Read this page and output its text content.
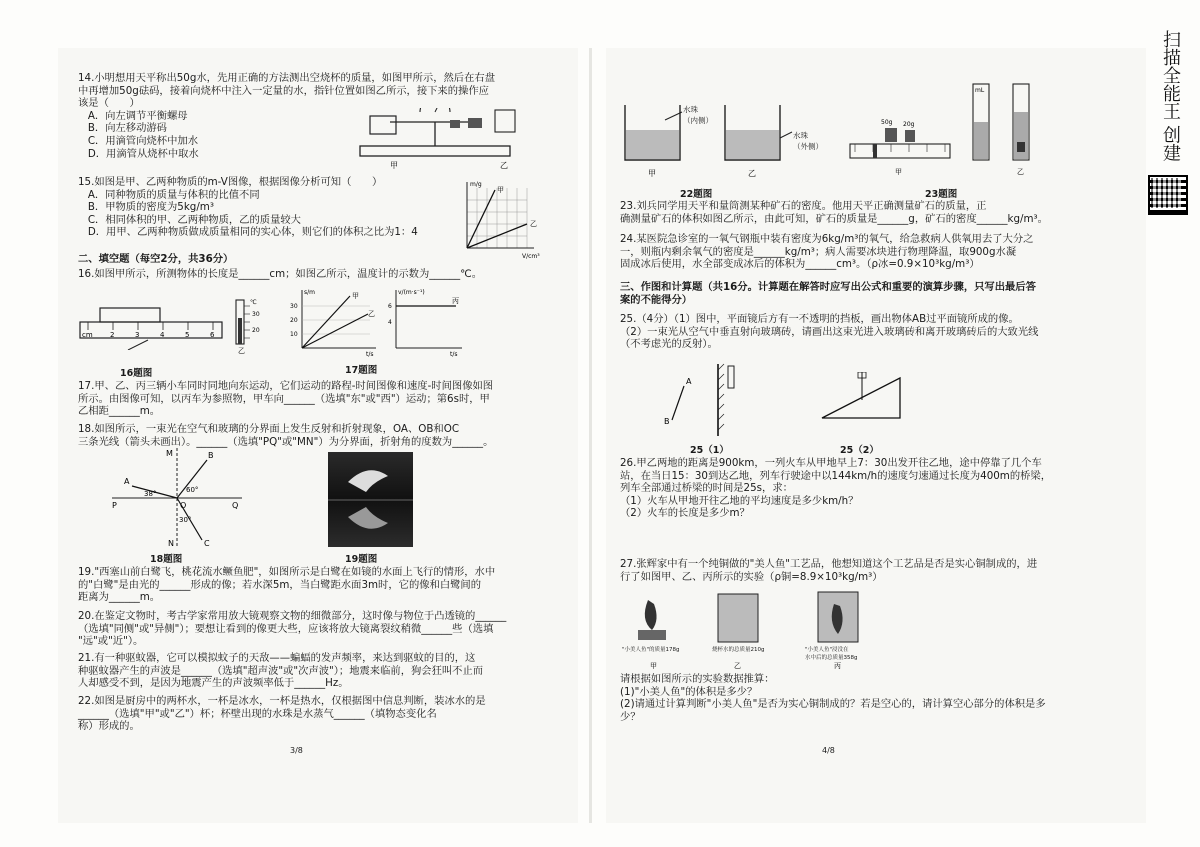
14.小明想用天平称出50g水，先用正确的方法测出空烧杯的质量，如图甲所示，然后在右盘
中再增加50g砝码，接着向烧杯中注入一定量的水，指针位置如图乙所示，接下来的操作应
该是（　　）
A．向左调节平衡螺母
B．向左移动游码
C．用滴管向烧杯中加水
D．用滴管从烧杯中取水
甲	乙
15.如图是甲、乙两种物质的m-V图像，根据图像分析可知（　　）
A．同种物质的质量与体积的比值不同
B．甲物质的密度为5kg/m³
C．相同体积的甲、乙两种物质，乙的质量较大
D．用甲、乙两种物质做成质量相同的实心体，则它们的体积之比为1：4
m/g
V/cm³
甲
乙
二、填空题（每空2分，共36分）
16.如图甲所示，所测物体的长度是______cm；如图乙所示，温度计的示数为______℃。
cm 2	3	4	5	6
℃
30
20
乙
s/m
30
20
10
甲
乙
t/s
v/(m·s⁻¹)
6
4
丙
t/s
16题图	17题图
17.甲、乙、丙三辆小车同时同地向东运动，它们运动的路程-时间图像和速度-时间图像如图
所示。由图像可知，以丙车为参照物，甲车向______（选填"东"或"西"）运动；第6s时，甲
乙相距______m。
18.如图所示，一束光在空气和玻璃的分界面上发生反射和折射现象，OA、OB和OC
三条光线（箭头未画出）。______（选填"PQ"或"MN"）为分界面，折射角的度数为______。
M
A
B
P	Q
O
C
N
38°	60°
30°
18题图	19题图
19."西塞山前白鹭飞，桃花流水鳜鱼肥"，如图所示是白鹭在如镜的水面上飞行的情形，水中
的"白鹭"是由光的______形成的像；若水深5m，当白鹭距水面3m时，它的像和白鹭间的
距离为______m。
20.在鉴定文物时，考古学家常用放大镜观察文物的细微部分，这时像与物位于凸透镜的______
（选填"同侧"或"异侧"）；要想让看到的像更大些，应该将放大镜离裂纹稍微______些（选填
"远"或"近"）。
21.有一种驱蚊器，它可以模拟蚊子的天敌——蝙蝠的发声频率，来达到驱蚊的目的，这
种驱蚊器产生的声波是______（选填"超声波"或"次声波"）；地震来临前，狗会狂叫不止而
人却感受不到，是因为地震产生的声波频率低于______Hz。
22.如图是厨房中的两杯水，一杯是冰水，一杯是热水，仅根据图中信息判断，装冰水的是
______（选填"甲"或"乙"）杯；杯壁出现的水珠是水蒸气______（填物态变化名
称）形成的。
3/8
甲	乙
水珠
（内侧）
水珠
（外侧）
50g 20g
mL
甲	乙
22题图	23题图
23.刘兵同学用天平和量筒测某种矿石的密度。他用天平正确测量矿石的质量，正
确测量矿石的体积如图乙所示，由此可知，矿石的质量是______g，矿石的密度______kg/m³。
24.某医院急诊室的一氧气钢瓶中装有密度为6kg/m³的氧气，给急救病人供氧用去了大分之
一，则瓶内剩余氧气的密度是______kg/m³；病人需要冰块进行物理降温，取900g水凝
固成冰后使用，水全部变成冰后的体积为______cm³。（ρ冰=0.9×10³kg/m³）
三、作图和计算题（共16分。计算题在解答时应写出公式和重要的演算步骤，只写出最后答
案的不能得分）
25.（4分）（1）图中，平面镜后方有一不透明的挡板，画出物体AB过平面镜所成的像。
（2）一束光从空气中垂直射向玻璃砖，请画出这束光进入玻璃砖和离开玻璃砖后的大致光线
（不考虑光的反射）。
A
B
25（1）	25（2）
26.甲乙两地的距离是900km，一列火车从甲地早上7：30出发开往乙地，途中停靠了几个车
站，在当日15：30到达乙地，列车行驶途中以144km/h的速度匀速通过长度为400m的桥梁，
列车全部通过桥梁的时间是25s，求：
（1）火车从甲地开往乙地的平均速度是多少km/h？
（2）火车的长度是多少m？
27.张辉家中有一个纯铜做的"美人鱼"工艺品，他想知道这个工艺品是否是实心铜制成的，进
行了如图甲、乙、丙所示的实验（ρ铜=8.9×10³kg/m³）
甲	乙	丙
"小美人鱼"的质量178g	烧杯水的总质量210g	"小美人鱼"浸没在
水中后的总质量358g
请根据如图所示的实验数据推算：
(1)"小美人鱼"的体积是多少？
(2)请通过计算判断"小美人鱼"是否为实心铜制成的？若是空心的，请计算空心部分的体积是多
少？
4/8
扫描全能王 创建
